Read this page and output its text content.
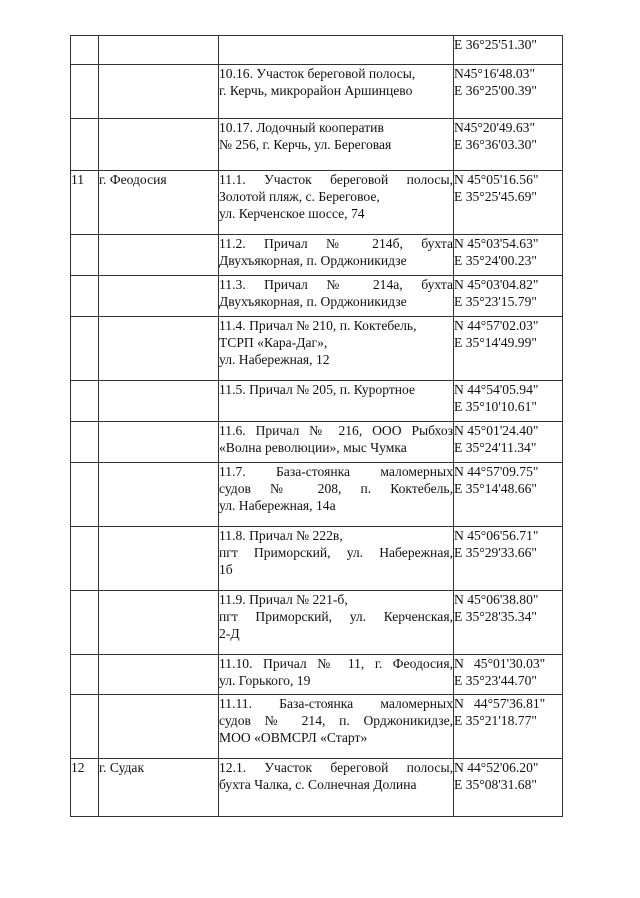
			E 36°25'51.30"

		10.16. Участок береговой полосы,
г. Керчь, микрорайон Аршинцево	N45°16'48.03"
E 36°25'00.39"

		10.17. Лодочный кооператив
№ 256, г. Керчь, ул. Береговая	N45°20'49.63"
E 36°36'03.30"

11	г. Феодосия	11.1. Участок береговой полосы,
Золотой пляж, с. Береговое,
ул. Керченское шоссе, 74	N 45°05'16.56"
E 35°25'45.69"

		11.2. Причал № 214б, бухта
Двухъякорная, п. Орджоникидзе	N 45°03'54.63"
E 35°24'00.23"

		11.3. Причал № 214а, бухта
Двухъякорная, п. Орджоникидзе	N 45°03'04.82"
E 35°23'15.79"

		11.4. Причал № 210, п. Коктебель,
ТСРП «Кара-Даг»,
ул. Набережная, 12	N 44°57'02.03"
E 35°14'49.99"

		11.5. Причал № 205, п. Курортное	N 44°54'05.94"
E 35°10'10.61"

		11.6. Причал № 216, ООО Рыбхоз
«Волна революции», мыс Чумка	N 45°01'24.40"
E 35°24'11.34"

		11.7. База-стоянка маломерных
судов № 208, п. Коктебель,
ул. Набережная, 14а	N 44°57'09.75"
E 35°14'48.66"

		11.8. Причал № 222в,
пгт Приморский, ул. Набережная,
1б	N 45°06'56.71"
E 35°29'33.66"

		11.9. Причал № 221-б,
пгт Приморский, ул. Керченская,
2-Д	N 45°06'38.80"
E 35°28'35.34"

		11.10. Причал № 11, г. Феодосия,
ул. Горького, 19	N   45°01'30.03"
E 35°23'44.70"

		11.11. База-стоянка маломерных
судов № 214, п. Орджоникидзе,
МОО «ОВМСРЛ «Старт»	N   44°57'36.81"
E 35°21'18.77"

12	г. Судак	12.1. Участок береговой полосы,
бухта Чалка, с. Солнечная Долина	N 44°52'06.20"
E 35°08'31.68"
